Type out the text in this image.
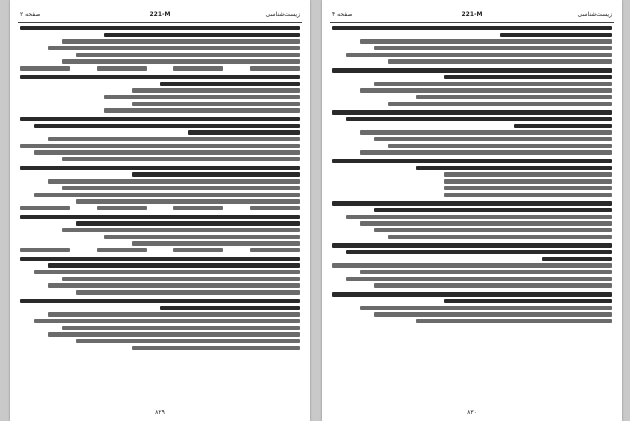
زیست‌شناسی
221-M
صفحه ۲
۸۲۹
زیست‌شناسی
221-M
صفحه ۴
۸۳۰
